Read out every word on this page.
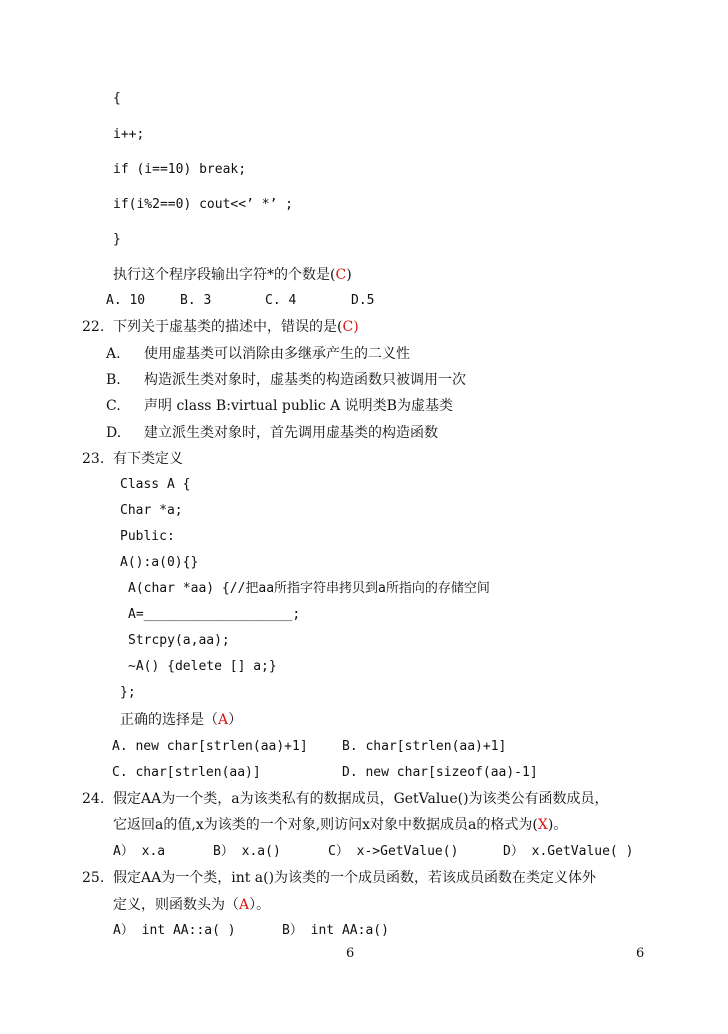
{
i++;
if (i==10) break;
if(i%2==0) cout<<’ *’ ;
}
执行这个程序段输出字符*的个数是(C)
A. 10	B. 3	C. 4	D.5
22. 下列关于虚基类的描述中，错误的是(C)
A. 使用虚基类可以消除由多继承产生的二义性
B. 构造派生类对象时，虚基类的构造函数只被调用一次
C. 声明 class B:virtual public A 说明类B为虚基类
D. 建立派生类对象时，首先调用虚基类的构造函数
23. 有下类定义
Class A {
Char *a;
Public:
A():a(0){}
A(char *aa) {//把aa所指字符串拷贝到a所指向的存储空间
A=___________________;
Strcpy(a,aa);
~A() {delete [] a;}
};
正确的选择是（A）
A. new char[strlen(aa)+1]	B. char[strlen(aa)+1]
C. char[strlen(aa)]	D. new char[sizeof(aa)-1]
24. 假定AA为一个类，a为该类私有的数据成员，GetValue()为该类公有函数成员，
它返回a的值,x为该类的一个对象,则访问x对象中数据成员a的格式为(X)。
A） x.a	B） x.a()	C） x->GetValue()	D） x.GetValue( )
25. 假定AA为一个类，int a()为该类的一个成员函数，若该成员函数在类定义体外
定义，则函数头为（A）。
A） int AA::a( )	B） int AA:a()
6	6
